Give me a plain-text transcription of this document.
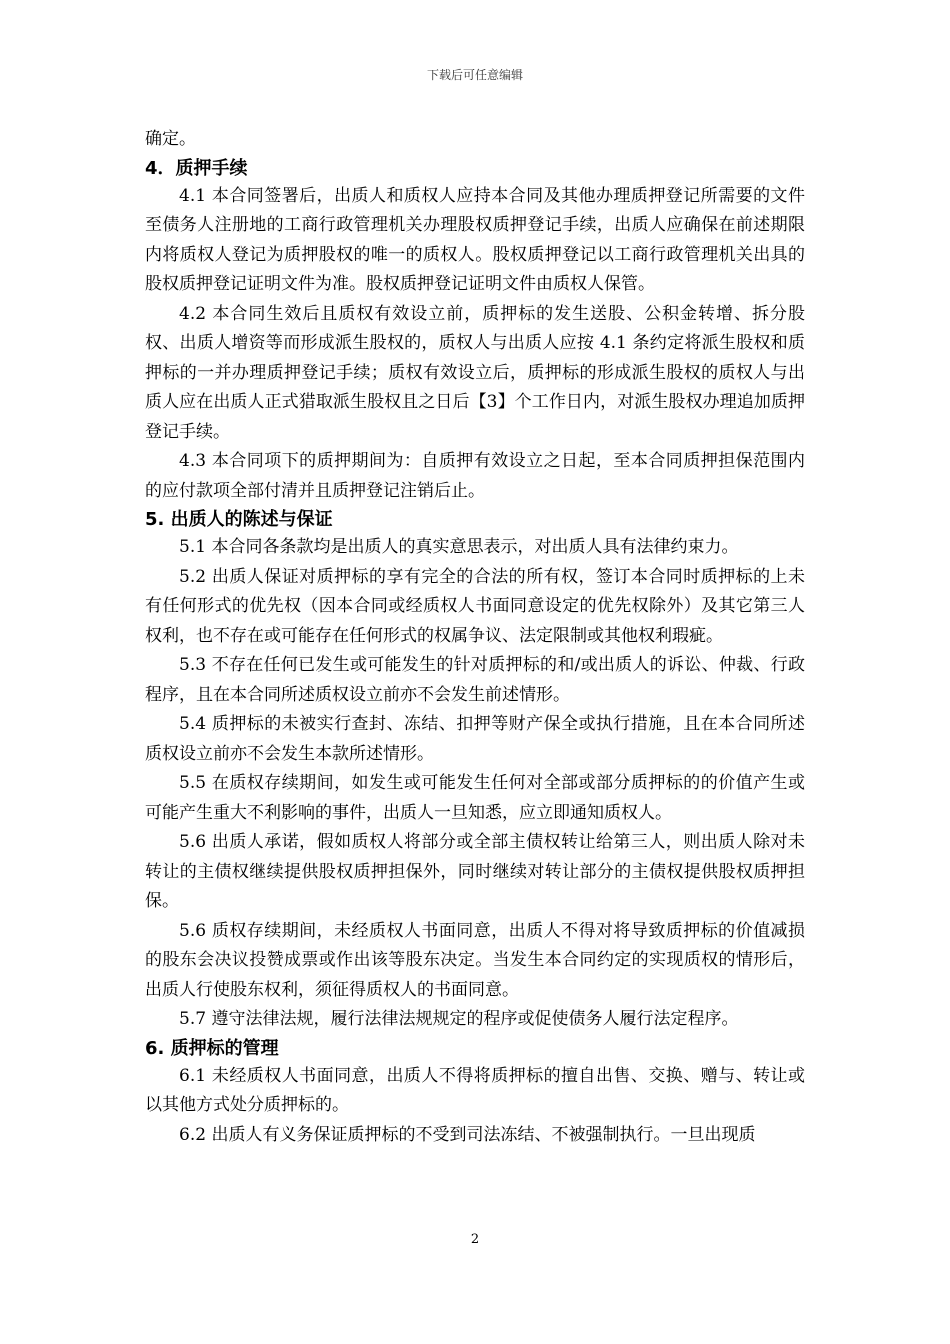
下载后可任意编辑

确定。

4．质押手续

4.1 本合同签署后，出质人和质权人应持本合同及其他办理质押登记所需要的文件至债务人注册地的工商行政管理机关办理股权质押登记手续，出质人应确保在前述期限内将质权人登记为质押股权的唯一的质权人。股权质押登记以工商行政管理机关出具的股权质押登记证明文件为准。股权质押登记证明文件由质权人保管。

4.2 本合同生效后且质权有效设立前，质押标的发生送股、公积金转增、拆分股权、出质人增资等而形成派生股权的，质权人与出质人应按 4.1 条约定将派生股权和质押标的一并办理质押登记手续；质权有效设立后，质押标的形成派生股权的质权人与出质人应在出质人正式猎取派生股权且之日后【3】个工作日内，对派生股权办理追加质押登记手续。

4.3 本合同项下的质押期间为：自质押有效设立之日起，至本合同质押担保范围内的应付款项全部付清并且质押登记注销后止。

5. 出质人的陈述与保证

5.1 本合同各条款均是出质人的真实意思表示，对出质人具有法律约束力。

5.2 出质人保证对质押标的享有完全的合法的所有权，签订本合同时质押标的上未有任何形式的优先权（因本合同或经质权人书面同意设定的优先权除外）及其它第三人权利，也不存在或可能存在任何形式的权属争议、法定限制或其他权利瑕疵。

5.3 不存在任何已发生或可能发生的针对质押标的和/或出质人的诉讼、仲裁、行政程序，且在本合同所述质权设立前亦不会发生前述情形。

5.4 质押标的未被实行查封、冻结、扣押等财产保全或执行措施，且在本合同所述质权设立前亦不会发生本款所述情形。

5.5 在质权存续期间，如发生或可能发生任何对全部或部分质押标的的价值产生或可能产生重大不利影响的事件，出质人一旦知悉，应立即通知质权人。

5.6 出质人承诺，假如质权人将部分或全部主债权转让给第三人，则出质人除对未转让的主债权继续提供股权质押担保外，同时继续对转让部分的主债权提供股权质押担保。

5.6 质权存续期间，未经质权人书面同意，出质人不得对将导致质押标的价值减损的股东会决议投赞成票或作出该等股东决定。当发生本合同约定的实现质权的情形后，出质人行使股东权利，须征得质权人的书面同意。

5.7 遵守法律法规，履行法律法规规定的程序或促使债务人履行法定程序。

6. 质押标的管理

6.1 未经质权人书面同意，出质人不得将质押标的擅自出售、交换、赠与、转让或以其他方式处分质押标的。

6.2 出质人有义务保证质押标的不受到司法冻结、不被强制执行。一旦出现质

2
